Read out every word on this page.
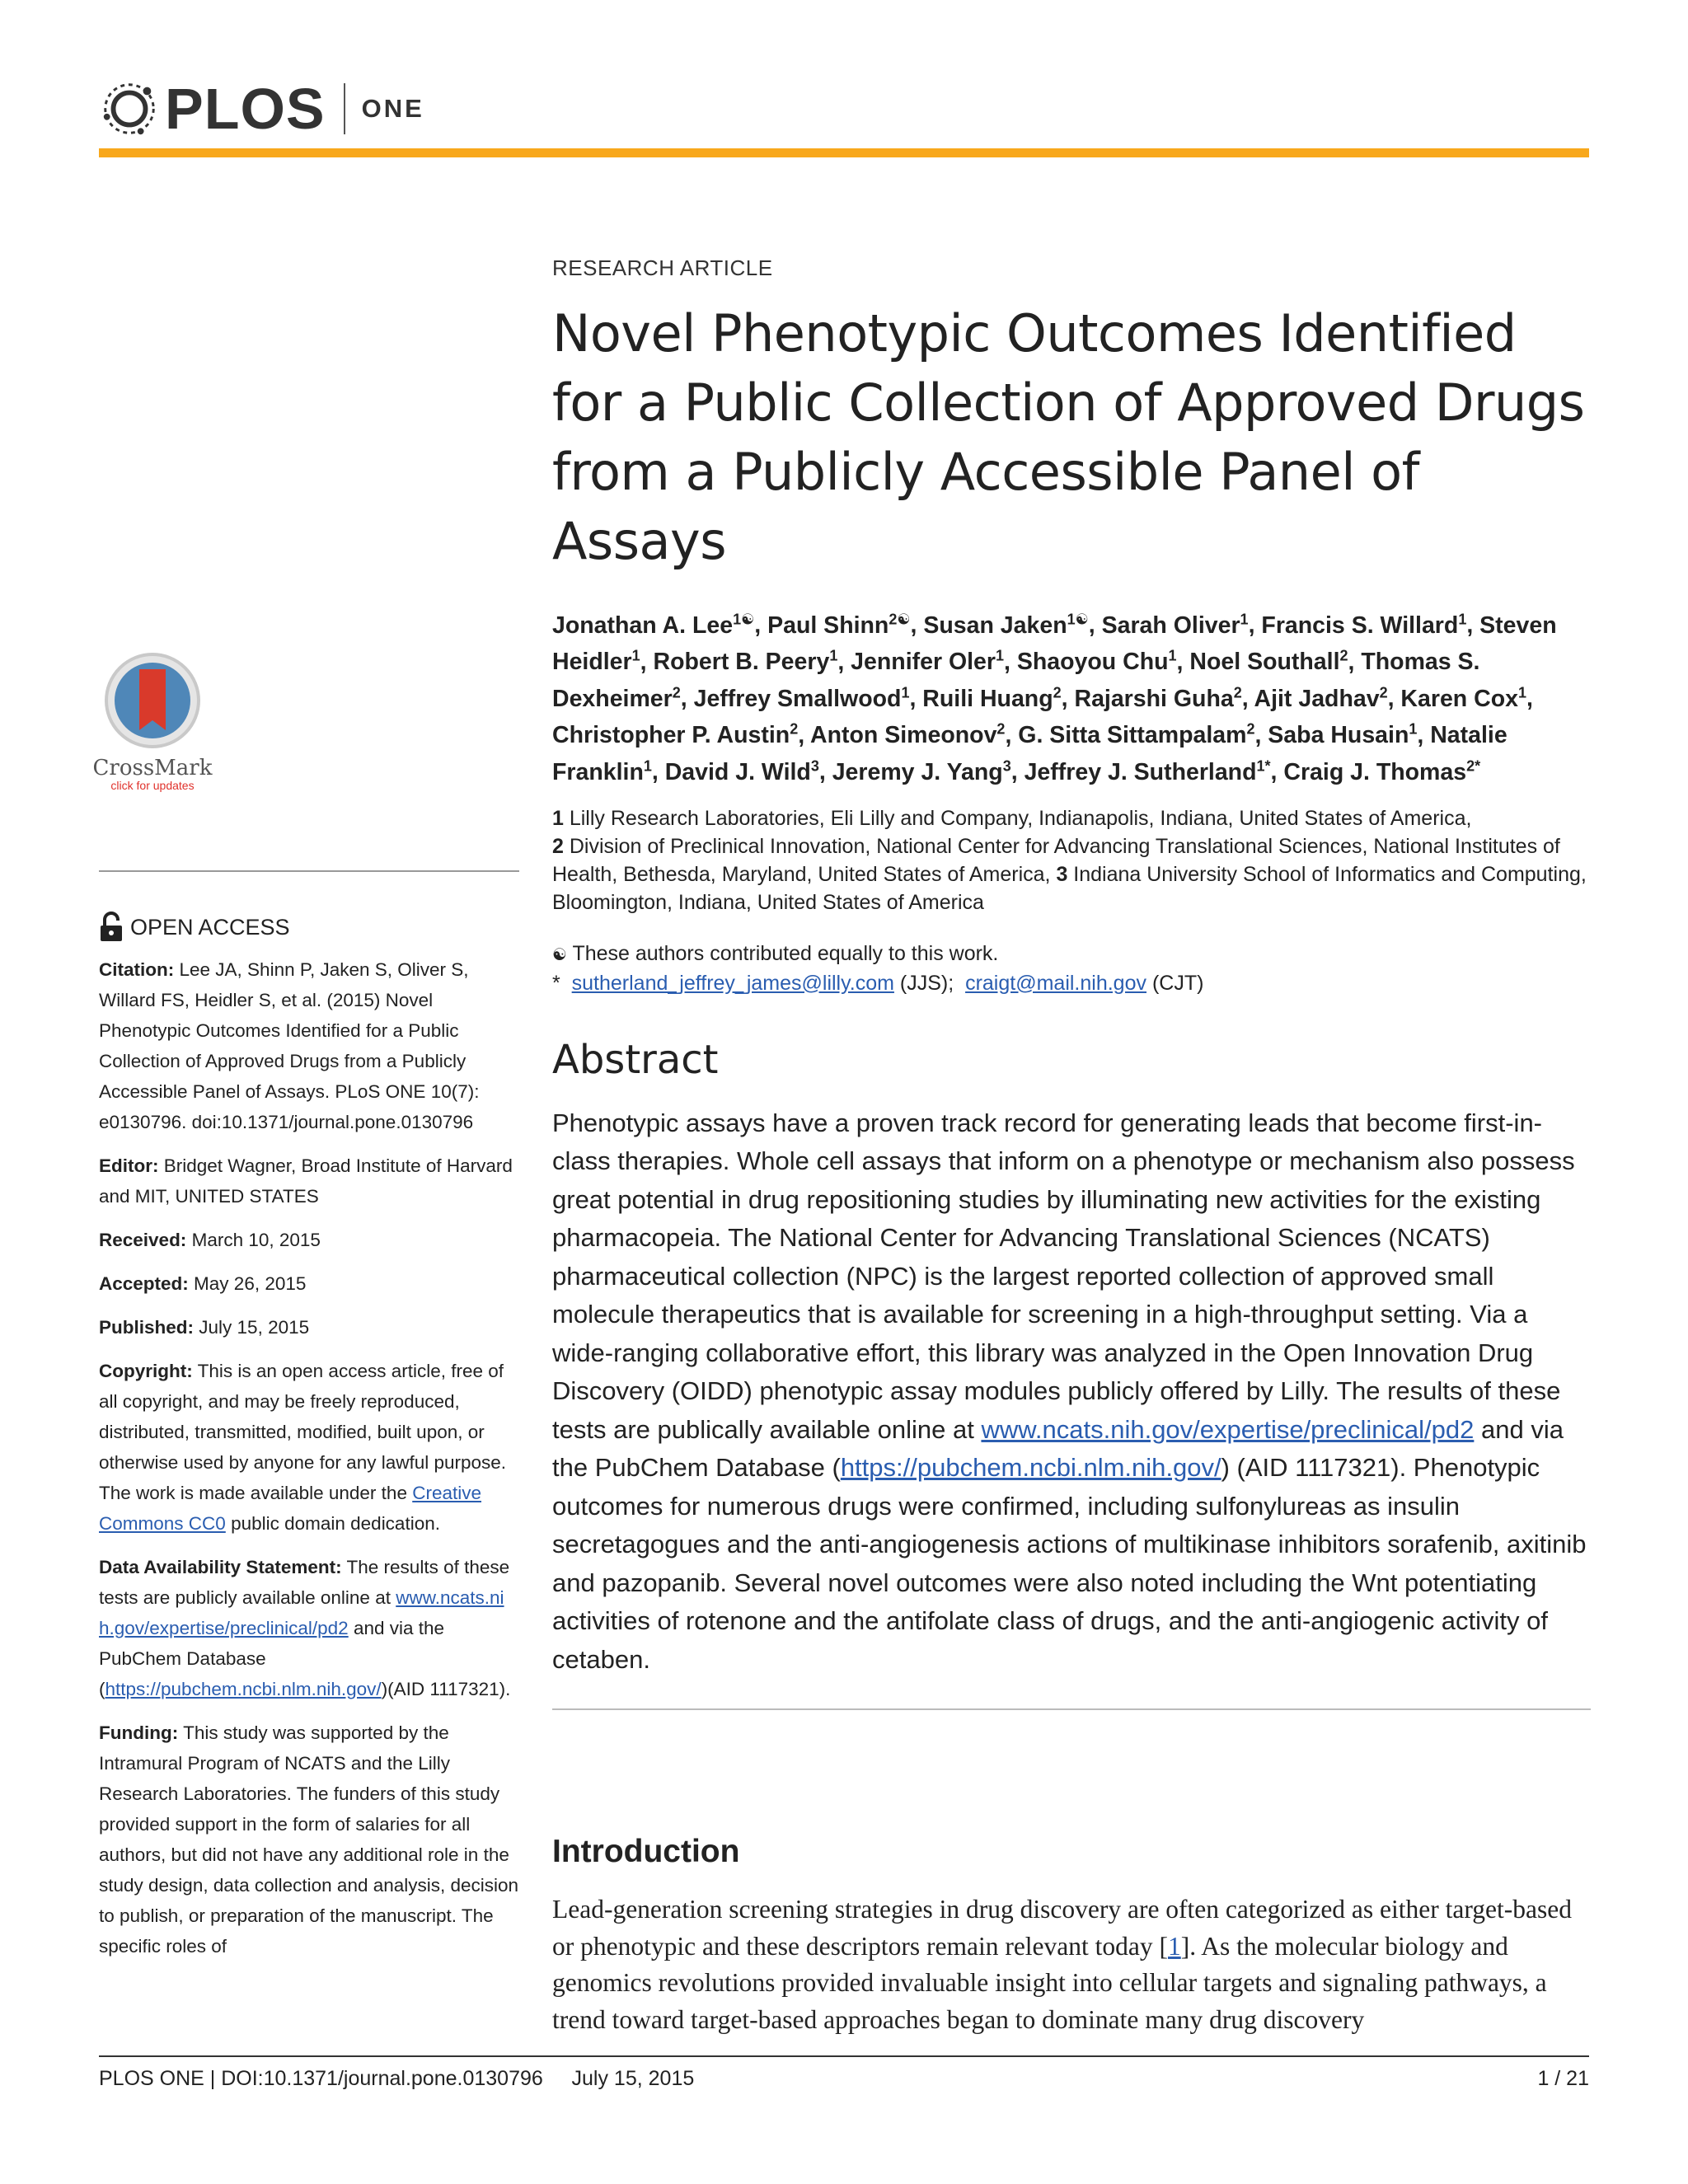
PLOS ONE
CrossMark
click for updates
OPEN ACCESS
Citation: Lee JA, Shinn P, Jaken S, Oliver S, Willard FS, Heidler S, et al. (2015) Novel Phenotypic Outcomes Identified for a Public Collection of Approved Drugs from a Publicly Accessible Panel of Assays. PLoS ONE 10(7): e0130796. doi:10.1371/journal.pone.0130796
Editor: Bridget Wagner, Broad Institute of Harvard and MIT, UNITED STATES
Received: March 10, 2015
Accepted: May 26, 2015
Published: July 15, 2015
Copyright: This is an open access article, free of all copyright, and may be freely reproduced, distributed, transmitted, modified, built upon, or otherwise used by anyone for any lawful purpose. The work is made available under the Creative Commons CC0 public domain dedication.
Data Availability Statement: The results of these tests are publicly available online at www.ncats.nih.gov/expertise/preclinical/pd2 and via the PubChem Database (https://pubchem.ncbi.nlm.nih.gov/)(AID 1117321).
Funding: This study was supported by the Intramural Program of NCATS and the Lilly Research Laboratories. The funders of this study provided support in the form of salaries for all authors, but did not have any additional role in the study design, data collection and analysis, decision to publish, or preparation of the manuscript. The specific roles of
RESEARCH ARTICLE
Novel Phenotypic Outcomes Identified for a Public Collection of Approved Drugs from a Publicly Accessible Panel of Assays
Jonathan A. Lee$^{1☯}$, Paul Shinn$^{2☯}$, Susan Jaken$^{1☯}$, Sarah Oliver$^1$, Francis S. Willard$^1$, Steven Heidler$^1$, Robert B. Peery$^1$, Jennifer Oler$^1$, Shaoyou Chu$^1$, Noel Southall$^2$, Thomas S. Dexheimer$^2$, Jeffrey Smallwood$^1$, Ruili Huang$^2$, Rajarshi Guha$^2$, Ajit Jadhav$^2$, Karen Cox$^1$, Christopher P. Austin$^2$, Anton Simeonov$^2$, G. Sitta Sittampalam$^2$, Saba Husain$^1$, Natalie Franklin$^1$, David J. Wild$^3$, Jeremy J. Yang$^3$, Jeffrey J. Sutherland$^{1*}$, Craig J. Thomas$^{2*}$
1 Lilly Research Laboratories, Eli Lilly and Company, Indianapolis, Indiana, United States of America,
2 Division of Preclinical Innovation, National Center for Advancing Translational Sciences, National Institutes of Health, Bethesda, Maryland, United States of America, 3 Indiana University School of Informatics and Computing, Bloomington, Indiana, United States of America
☯ These authors contributed equally to this work.
* sutherland_jeffrey_james@lilly.com (JJS); craigt@mail.nih.gov (CJT)
Abstract

Phenotypic assays have a proven track record for generating leads that become first-in-class therapies. Whole cell assays that inform on a phenotype or mechanism also possess great potential in drug repositioning studies by illuminating new activities for the existing pharmacopeia. The National Center for Advancing Translational Sciences (NCATS) pharmaceutical collection (NPC) is the largest reported collection of approved small molecule therapeutics that is available for screening in a high-throughput setting. Via a wide-ranging collaborative effort, this library was analyzed in the Open Innovation Drug Discovery (OIDD) phenotypic assay modules publicly offered by Lilly. The results of these tests are publically available online at www.ncats.nih.gov/expertise/preclinical/pd2 and via the PubChem Database (https://pubchem.ncbi.nlm.nih.gov/) (AID 1117321). Phenotypic outcomes for numerous drugs were confirmed, including sulfonylureas as insulin secretagogues and the anti-angiogenesis actions of multikinase inhibitors sorafenib, axitinib and pazopanib. Several novel outcomes were also noted including the Wnt potentiating activities of rotenone and the antifolate class of drugs, and the anti-angiogenic activity of cetaben.

Introduction

Lead-generation screening strategies in drug discovery are often categorized as either target-based or phenotypic and these descriptors remain relevant today [1]. As the molecular biology and genomics revolutions provided invaluable insight into cellular targets and signaling pathways, a trend toward target-based approaches began to dominate many drug discovery

PLOS ONE | DOI:10.1371/journal.pone.0130796 July 15, 2015	1 / 21
